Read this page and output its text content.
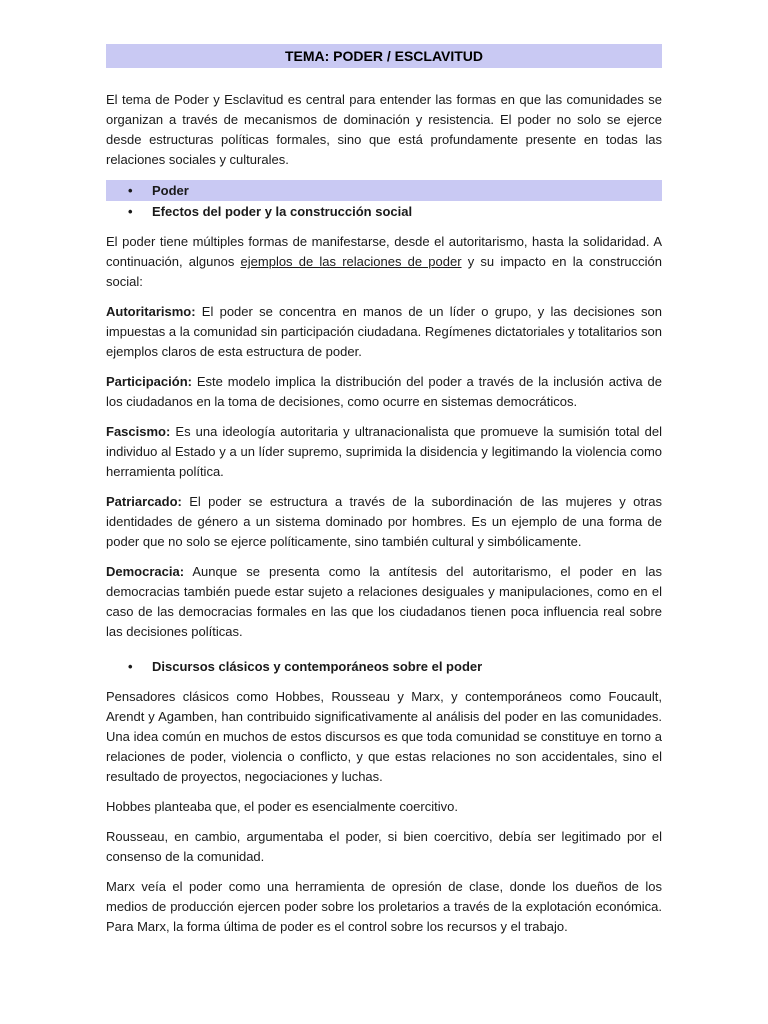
TEMA: PODER / ESCLAVITUD

El tema de Poder y Esclavitud es central para entender las formas en que las comunidades se organizan a través de mecanismos de dominación y resistencia. El poder no solo se ejerce desde estructuras políticas formales, sino que está profundamente presente en todas las relaciones sociales y culturales.

• Poder
• Efectos del poder y la construcción social

El poder tiene múltiples formas de manifestarse, desde el autoritarismo, hasta la solidaridad. A continuación, algunos ejemplos de las relaciones de poder y su impacto en la construcción social:

Autoritarismo: El poder se concentra en manos de un líder o grupo, y las decisiones son impuestas a la comunidad sin participación ciudadana. Regímenes dictatoriales y totalitarios son ejemplos claros de esta estructura de poder.

Participación: Este modelo implica la distribución del poder a través de la inclusión activa de los ciudadanos en la toma de decisiones, como ocurre en sistemas democráticos.

Fascismo: Es una ideología autoritaria y ultranacionalista que promueve la sumisión total del individuo al Estado y a un líder supremo, suprimida la disidencia y legitimando la violencia como herramienta política.

Patriarcado: El poder se estructura a través de la subordinación de las mujeres y otras identidades de género a un sistema dominado por hombres. Es un ejemplo de una forma de poder que no solo se ejerce políticamente, sino también cultural y simbólicamente.

Democracia: Aunque se presenta como la antítesis del autoritarismo, el poder en las democracias también puede estar sujeto a relaciones desiguales y manipulaciones, como en el caso de las democracias formales en las que los ciudadanos tienen poca influencia real sobre las decisiones políticas.

• Discursos clásicos y contemporáneos sobre el poder

Pensadores clásicos como Hobbes, Rousseau y Marx, y contemporáneos como Foucault, Arendt y Agamben, han contribuido significativamente al análisis del poder en las comunidades. Una idea común en muchos de estos discursos es que toda comunidad se constituye en torno a relaciones de poder, violencia o conflicto, y que estas relaciones no son accidentales, sino el resultado de proyectos, negociaciones y luchas.

Hobbes planteaba que, el poder es esencialmente coercitivo.

Rousseau, en cambio, argumentaba el poder, si bien coercitivo, debía ser legitimado por el consenso de la comunidad.

Marx veía el poder como una herramienta de opresión de clase, donde los dueños de los medios de producción ejercen poder sobre los proletarios a través de la explotación económica. Para Marx, la forma última de poder es el control sobre los recursos y el trabajo.
